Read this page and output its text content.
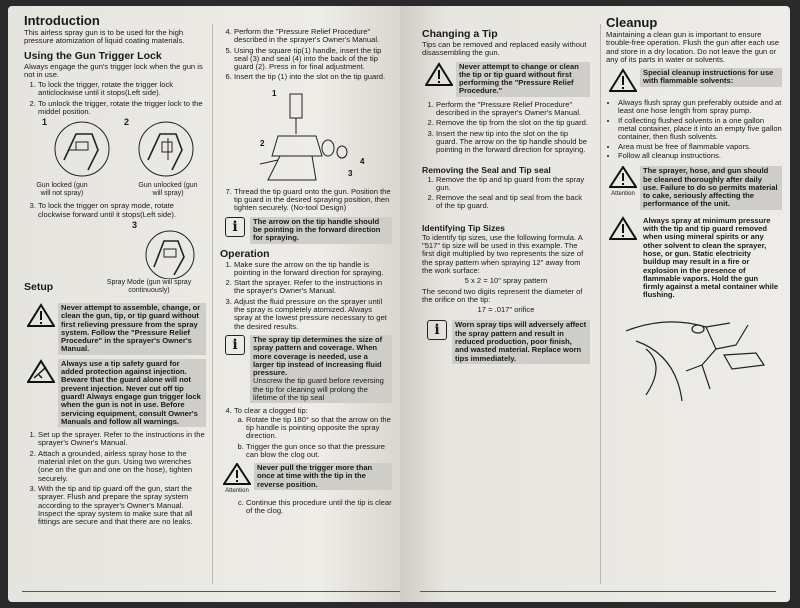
Introduction

This airless spray gun is to be used for the high pressure atomization of liquid coating materials.

Using the Gun Trigger Lock

Always engage the gun's trigger lock when the gun is not in use.

1. To lock the trigger, rotate the trigger lock anticlockwise until it stops(Left side).
2. To unlock the trigger, rotate the trigger lock to the middel position.
1	2
Gun locked (gun will not spray)
Gun unlocked (gun will spray)
3. To lock the trigger on spray mode, rotate clockwise forward until it stops(Left side).
3
Setup	Spray Mode (gun will spray continuously)
Never attempt to assemble, change, or clean the gun, tip, or tip guard without first relieving pressure from the spray system. Follow the "Pressure Relief Procedure" in the sprayer's Owner's Manual.
Always use a tip safety guard for added protection against injection. Beware that the guard alone will not prevent injection. Never cut off tip guard! Always engage gun trigger lock when the gun is not in use. Before servicing equipment, consult Owner's Manuals and follow all warnings.
1. Set up the sprayer. Refer to the instructions in the sprayer's Owner's Manual.
2. Attach a grounded, airless spray hose to the material inlet on the gun. Using two wrenches (one on the gun and one on the hose), tighten securely.
3. With the tip and tip guard off the gun, start the sprayer. Flush and prepare the spray system according to the sprayer's Owner's Manual. Inspect the spray system to make sure that all fittings are secure and that there are no leaks.
4. Perform the "Pressure Relief Procedure" described in the sprayer's Owner's Manual.
5. Using the square tip(1) handle, insert the tip seal (3) and seal (4) into the back of the tip guard (2). Press in for final adjustment.
6. Insert the tip (1) into the slot on the tip guard.
1
2
3
4
7. Thread the tip guard onto the gun. Position the tip guard in the desired spraying position, then tighten securely. (No-tool Design)
i	The arrow on the tip handle should be pointing in the forward direction for spraying.
Operation
1. Make sure the arrow on the tip handle is pointing in the forward direction for spraying.
2. Start the sprayer. Refer to the instructions in the sprayer's Owner's Manual.
3. Adjust the fluid pressure on the sprayer until the spray is completely atomized. Always spray at the lowest pressure necessary to get the desired results.
i	The spray tip determines the size of spray pattern and coverage. When more coverage is needed, use a larger tip instead of increasing fluid pressure.
Unscrew the tip guard before reversing the tip for cleaning will prolong the lifetime of the tip seal
4. To clear a clogged tip:
a. Rotate the tip 180° so that the arrow on the tip handle is pointing opposite the spray direction.
b. Trigger the gun once so that the pressure can blow the clog out.
Attention
Never pull the trigger more than once at time with the tip in the reverse position.
c. Continue this procedure until the tip is clear of the clog.
Changing a Tip

Tips can be removed and replaced easily without disassembling the gun.

Never attempt to change or clean the tip or tip guard without first performing the "Pressure Relief Procedure."
1. Perform the "Pressure Relief Procedure" described in the sprayer's Owner's Manual.
2. Remove the tip from the slot on the tip guard.
3. Insert the new tip into the slot on the tip guard. The arrow on the tip handle should be pointing in the forward direction for spraying.
Removing the Seal and Tip seal
1. Remove the tip and tip guard from the spray gun.
2. Remove the seal and tip seal from the back of the tip guard.
Identifying Tip Sizes

To identify tip sizes, use the following formula. A "517" tip size will be used in this example. The first digit multiplied by two represents the size of the spray pattern when spraying 12" away from the work surface:

5 x 2 = 10" spray pattern

The second two digits represent the diameter of the orifice on the tip:

17 = .017" orifice
i	Worn spray tips will adversely affect the spray pattern and result in reduced production, poor finish, and wasted material. Replace worn tips immediately.
Cleanup

Maintaining a clean gun is important to ensure trouble-free operation. Flush the gun after each use and store in a dry location. Do not leave the gun or any of its parts in water or solvents.

Special cleanup instructions for use with flammable solvents:
• Always flush spray gun preferably outside and at least one hose length from spray pump.
• If collecting flushed solvents in a one gallon metal container, place it into an empty five gallon container, then flush solvents.
• Area must be free of flammable vapors.
• Follow all cleanup instructions.
Attention
The sprayer, hose, and gun should be cleaned thoroughly after daily use. Failure to do so permits material to cake, seriously affecting the performance of the unit.
Always spray at minimum pressure with the tip and tip guard removed when using mineral spirits or any other solvent to clean the sprayer, hose, or gun. Static electricity buildup may result in a fire or explosion in the presence of flammable vapors. Hold the gun firmly against a metal container while flushing.
